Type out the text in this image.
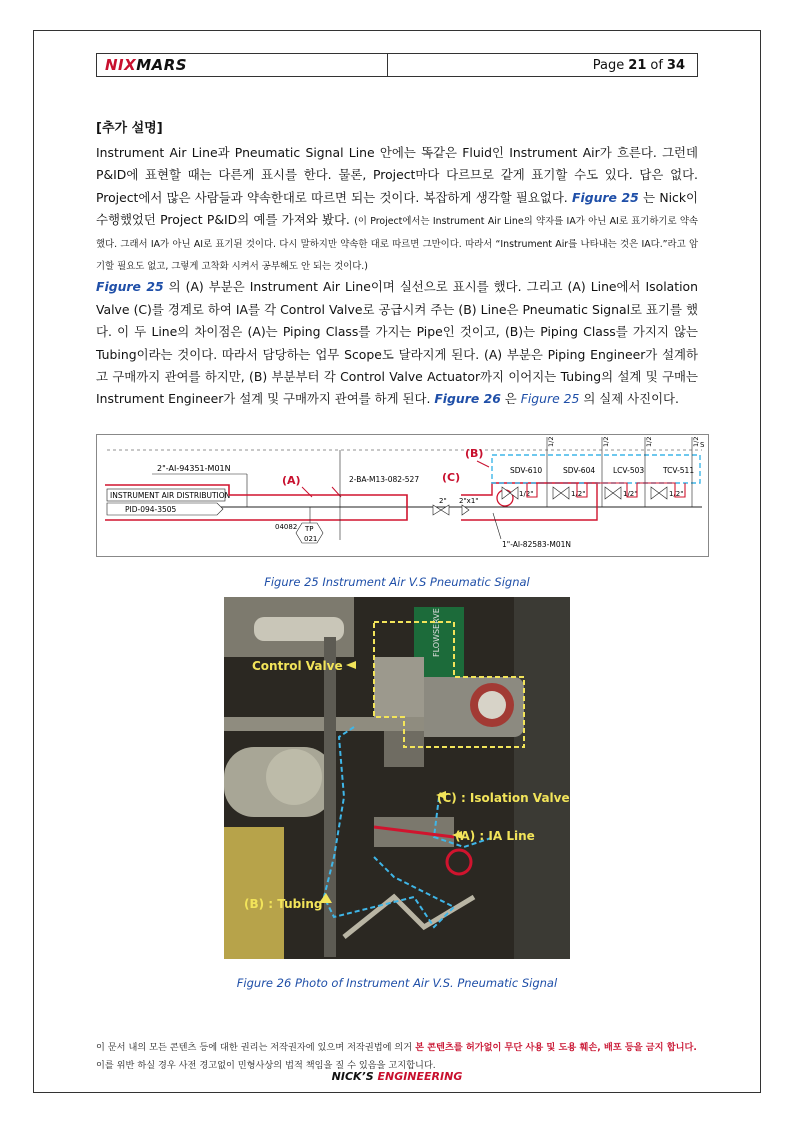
NIX MARS	Page 21 of 34
[추가 설명]

Instrument Air Line과 Pneumatic Signal Line 안에는 똑같은 Fluid인 Instrument Air가 흐른다. 그런데 P&ID에 표현할 때는 다른게 표시를 한다. 물론, Project마다 다르므로 같게 표기할 수도 있다. 답은 없다. Project에서 많은 사람들과 약속한대로 따르면 되는 것이다. 복잡하게 생각할 필요없다. Figure 25 는 Nick이 수행했었던 Project P&ID의 예를 가져와 봤다. (이 Project에서는 Instrument Air Line의 약자를 IA가 아닌 AI로 표기하기로 약속했다. 그래서 IA가 아닌 AI로 표기된 것이다. 다시 말하지만 약속한 대로 따르면 그만이다. 따라서 “Instrument Air를 나타내는 것은 IA다.”라고 암기할 필요도 없고, 그렇게 고착화 시켜서 공부해도 안 되는 것이다.)

Figure 25 의 (A) 부분은 Instrument Air Line이며 실선으로 표시를 했다. 그리고 (A) Line에서 Isolation Valve (C)를 경계로 하여 IA를 각 Control Valve로 공급시켜 주는 (B) Line은 Pneumatic Signal로 표기를 했다. 이 두 Line의 차이점은 (A)는 Piping Class를 가지는 Pipe인 것이고, (B)는 Piping Class를 가지지 않는 Tubing이라는 것이다. 따라서 담당하는 업무 Scope도 달라지게 된다. (A) 부분은 Piping Engineer가 설계하고 구매까지 관여를 하지만, (B) 부분부터 각 Control Valve Actuator까지 이어지는 Tubing의 설계 및 구매는 Instrument Engineer가 설계 및 구매까지 관여를 하게 된다. Figure 26 은 Figure 25 의 실제 사진이다.

2"-AI-94351-M01N
INSTRUMENT AIR DISTRIBUTION
PID-094-3505
(A)	2-BA-M13-082-527
04082 TP
021
2" 2"x1"
(C)
(B)
1"-AI-82583-M01N
1/2	1/2	1/2	1/2
SDV-610	SDV-604 LCV-503	TCV-511
1/2"	1/2"	1/2"	1/2"
S
Figure 25 Instrument Air V.S Pneumatic Signal
FLOWSERVE
Control Valve
(C) : Isolation Valve
(A) : IA Line
(B) : Tubing
Figure 26 Photo of Instrument Air V.S. Pneumatic Signal
이 문서 내의 모든 콘텐츠 등에 대한 권리는 저작권자에 있으며 저작권법에 의거 본 콘텐츠를 허가없이 무단 사용 및 도용 훼손, 배포 등을 금지 합니다. 이를 위반 하실 경우 사전 경고없이 민형사상의 법적 책임을 질 수 있음을 고지합니다.
NICK’S ENGINEERING
